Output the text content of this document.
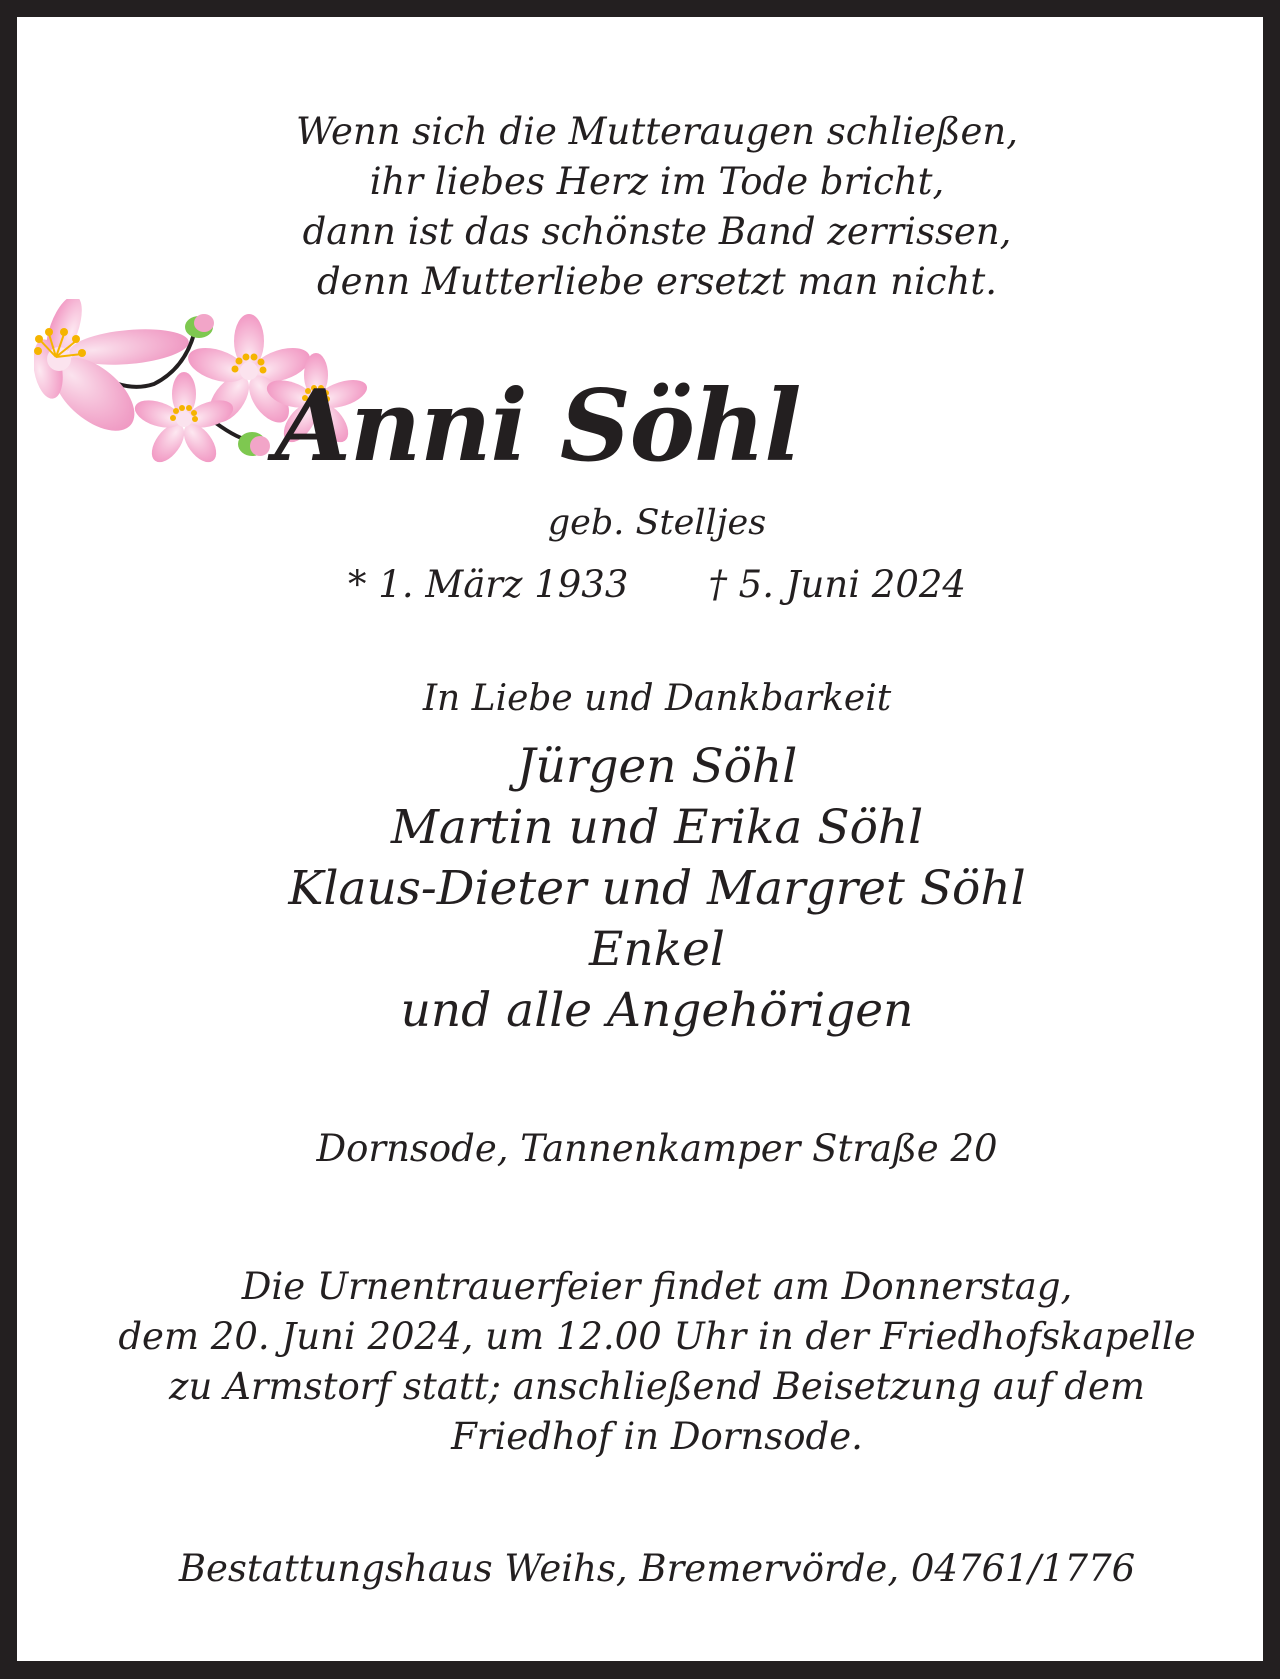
Wenn sich die Mutteraugen schließen,
ihr liebes Herz im Tode bricht,
dann ist das schönste Band zerrissen,
denn Mutterliebe ersetzt man nicht.
Anni Söhl
geb. Stelljes
* 1. März 1933 † 5. Juni 2024
In Liebe und Dankbarkeit
Jürgen Söhl
Martin und Erika Söhl
Klaus-Dieter und Margret Söhl
Enkel
und alle Angehörigen
Dornsode, Tannenkamper Straße 20
Die Urnentrauerfeier findet am Donnerstag,
dem 20. Juni 2024, um 12.00 Uhr in der Friedhofskapelle
zu Armstorf statt; anschließend Beisetzung auf dem
Friedhof in Dornsode.
Bestattungshaus Weihs, Bremervörde, 04761/1776
